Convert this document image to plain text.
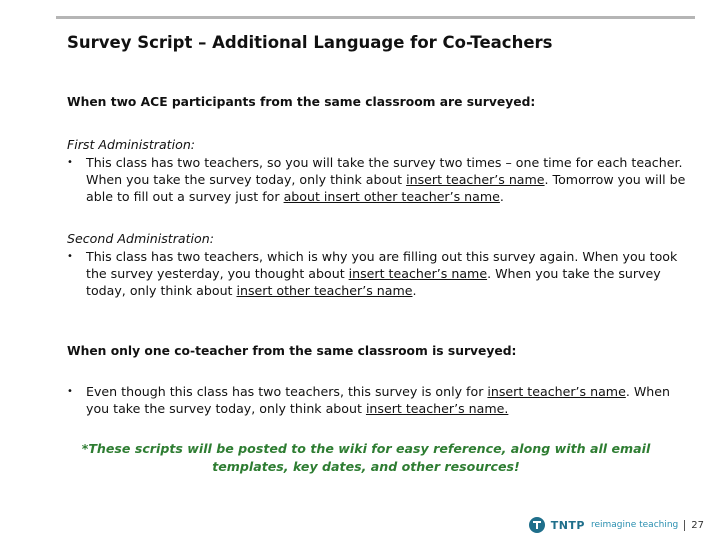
Survey Script – Additional Language for Co-Teachers
When two ACE participants from the same classroom are surveyed:
First Administration:
• This class has two teachers, so you will take the survey two times – one time for each teacher. When you take the survey today, only think about insert teacher’s name. Tomorrow you will be able to fill out a survey just for about insert other teacher’s name.
Second Administration:
• This class has two teachers, which is why you are filling out this survey again. When you took the survey yesterday, you thought about insert teacher’s name. When you take the survey today, only think about insert other teacher’s name.
When only one co-teacher from the same classroom is surveyed:
• Even though this class has two teachers, this survey is only for insert teacher’s name. When you take the survey today, only think about insert teacher’s name.
*These scripts will be posted to the wiki for easy reference, along with all email templates, key dates, and other resources!
TNTP reimagine teaching 27
